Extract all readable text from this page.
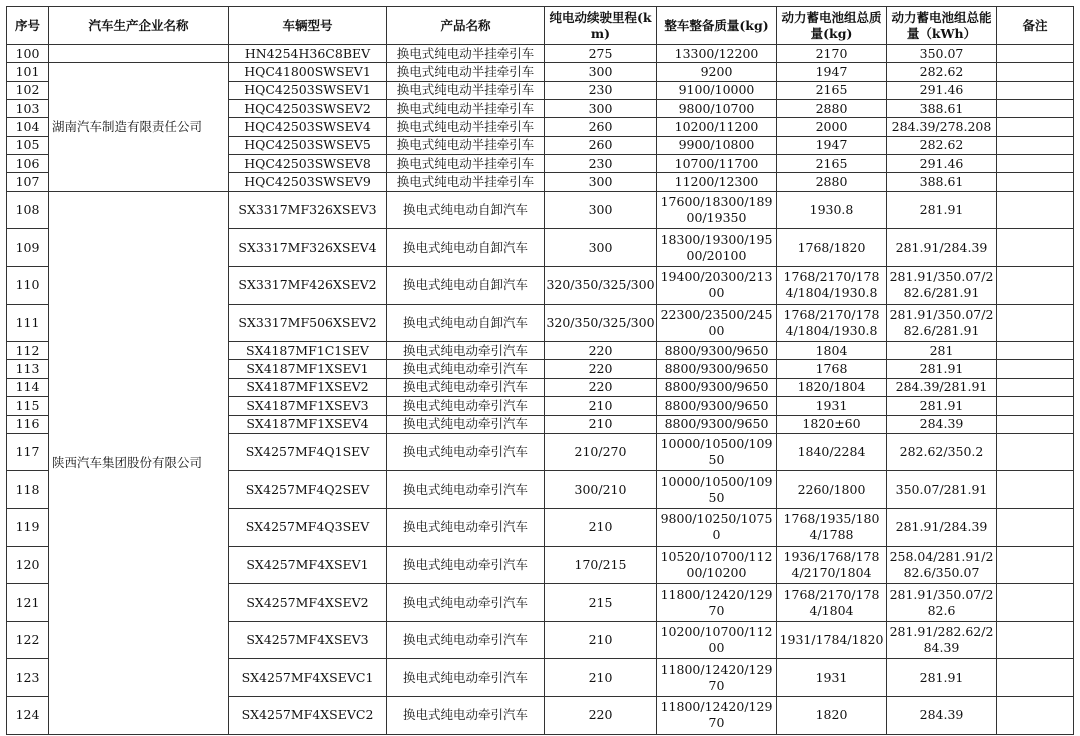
序号	汽车生产企业名称	车辆型号	产品名称	纯电动续驶里程(km)	整车整备质量(kg)	动力蓄电池组总质量(kg)	动力蓄电池组总能量（kWh）	备注
100		HN4254H36C8BEV	换电式纯电动半挂牵引车	275	13300/12200	2170	350.07	
101	湖南汽车制造有限责任公司	HQC41800SWSEV1	换电式纯电动半挂牵引车	300	9200	1947	282.62	
102		HQC42503SWSEV1	换电式纯电动半挂牵引车	230	9100/10000	2165	291.46	
103		HQC42503SWSEV2	换电式纯电动半挂牵引车	300	9800/10700	2880	388.61	
104		HQC42503SWSEV4	换电式纯电动半挂牵引车	260	10200/11200	2000	284.39/278.208	
105		HQC42503SWSEV5	换电式纯电动半挂牵引车	260	9900/10800	1947	282.62	
106		HQC42503SWSEV8	换电式纯电动半挂牵引车	230	10700/11700	2165	291.46	
107		HQC42503SWSEV9	换电式纯电动半挂牵引车	300	11200/12300	2880	388.61	
108	陕西汽车集团股份有限公司	SX3317MF326XSEV3	换电式纯电动自卸汽车	300	17600/18300/18900/19350	1930.8	281.91	
109		SX3317MF326XSEV4	换电式纯电动自卸汽车	300	18300/19300/19500/20100	1768/1820	281.91/284.39	
110		SX3317MF426XSEV2	换电式纯电动自卸汽车	320/350/325/300	19400/20300/21300	1768/2170/1784/1804/1930.8	281.91/350.07/282.6/281.91	
111		SX3317MF506XSEV2	换电式纯电动自卸汽车	320/350/325/300	22300/23500/24500	1768/2170/1784/1804/1930.8	281.91/350.07/282.6/281.91	
112		SX4187MF1C1SEV	换电式纯电动牵引汽车	220	8800/9300/9650	1804	281	
113		SX4187MF1XSEV1	换电式纯电动牵引汽车	220	8800/9300/9650	1768	281.91	
114		SX4187MF1XSEV2	换电式纯电动牵引汽车	220	8800/9300/9650	1820/1804	284.39/281.91	
115		SX4187MF1XSEV3	换电式纯电动牵引汽车	210	8800/9300/9650	1931	281.91	
116		SX4187MF1XSEV4	换电式纯电动牵引汽车	210	8800/9300/9650	1820±60	284.39	
117		SX4257MF4Q1SEV	换电式纯电动牵引汽车	210/270	10000/10500/10950	1840/2284	282.62/350.2	
118		SX4257MF4Q2SEV	换电式纯电动牵引汽车	300/210	10000/10500/10950	2260/1800	350.07/281.91	
119		SX4257MF4Q3SEV	换电式纯电动牵引汽车	210	9800/10250/10750	1768/1935/1804/1788	281.91/284.39	
120		SX4257MF4XSEV1	换电式纯电动牵引汽车	170/215	10520/10700/11200/10200	1936/1768/1784/2170/1804	258.04/281.91/282.6/350.07	
121		SX4257MF4XSEV2	换电式纯电动牵引汽车	215	11800/12420/12970	1768/2170/1784/1804	281.91/350.07/282.6	
122		SX4257MF4XSEV3	换电式纯电动牵引汽车	210	10200/10700/11200	1931/1784/1820	281.91/282.62/284.39	
123		SX4257MF4XSEVC1	换电式纯电动牵引汽车	210	11800/12420/12970	1931	281.91	
124		SX4257MF4XSEVC2	换电式纯电动牵引汽车	220	11800/12420/12970	1820	284.39	
